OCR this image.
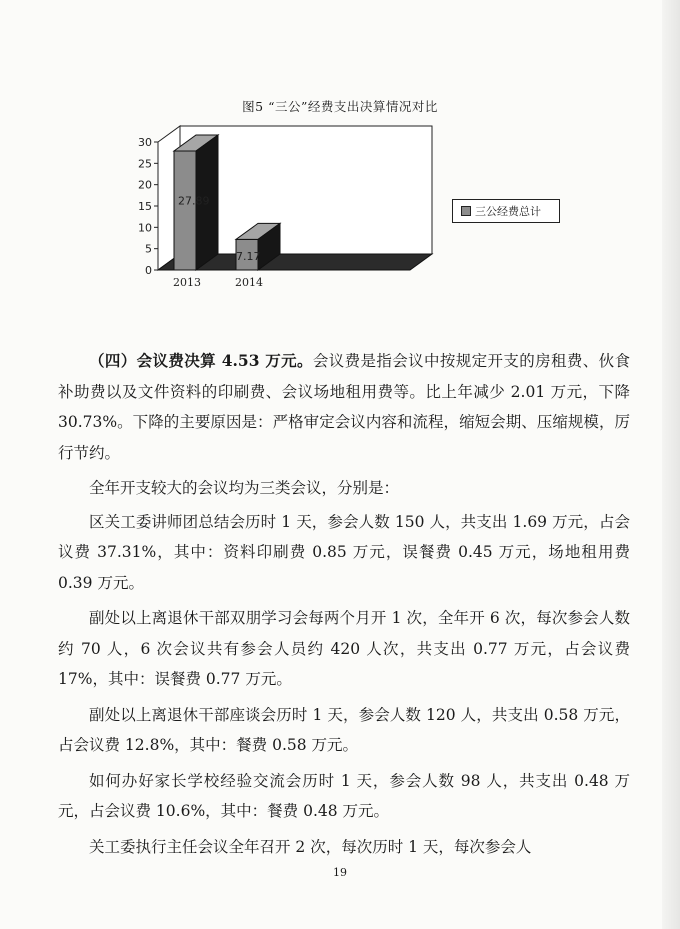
图5 “三公”经费支出决算情况对比
27.89
7.17
0
5
10
15
20
25
30
2013	2014
三公经费总计

（四）会议费决算 4.53 万元。会议费是指会议中按规定开支的房租费、伙食补助费以及文件资料的印刷费、会议场地租用费等。比上年减少 2.01 万元，下降 30.73%。下降的主要原因是：严格审定会议内容和流程，缩短会期、压缩规模，厉行节约。

全年开支较大的会议均为三类会议，分别是：

区关工委讲师团总结会历时 1 天，参会人数 150 人，共支出 1.69 万元，占会议费 37.31%，其中：资料印刷费 0.85 万元，误餐费 0.45 万元，场地租用费 0.39 万元。

副处以上离退休干部双朋学习会每两个月开 1 次，全年开 6 次，每次参会人数约 70 人，6 次会议共有参会人员约 420 人次，共支出 0.77 万元，占会议费 17%，其中：误餐费 0.77 万元。

副处以上离退休干部座谈会历时 1 天，参会人数 120 人，共支出 0.58 万元，占会议费 12.8%，其中：餐费 0.58 万元。

如何办好家长学校经验交流会历时 1 天，参会人数 98 人，共支出 0.48 万元，占会议费 10.6%，其中：餐费 0.48 万元。

关工委执行主任会议全年召开 2 次，每次历时 1 天，每次参会人

19
